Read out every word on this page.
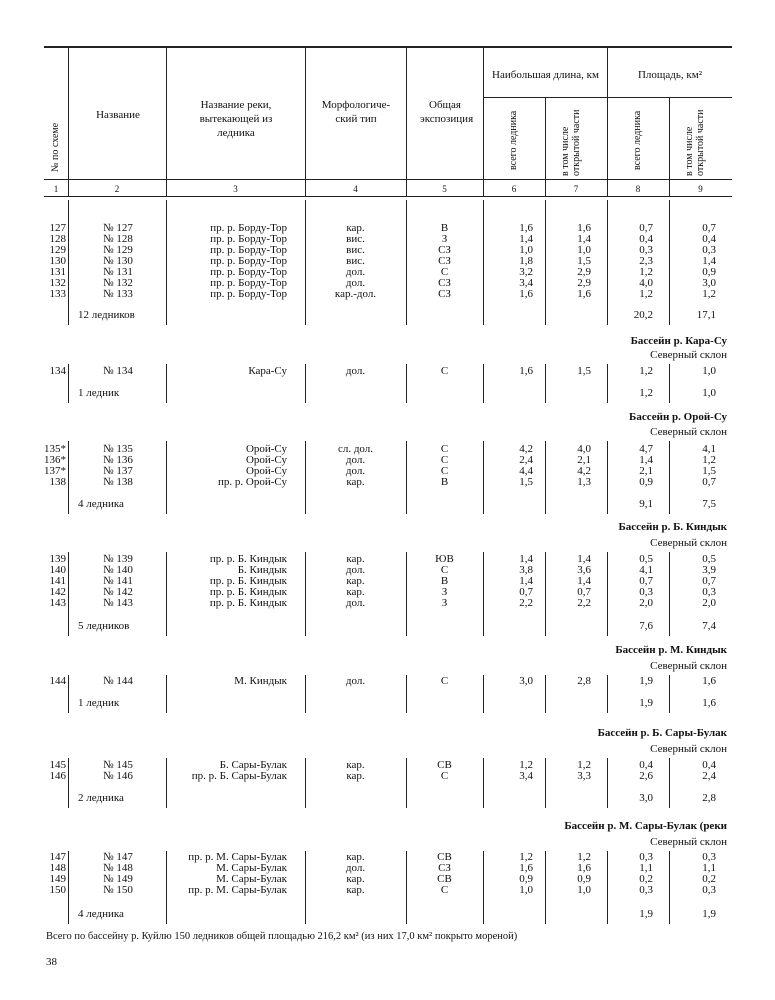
№ по схеме
Название
Название реки, вытекающей из ледника
Морфологиче-ский тип
Общая экспозиция
Наибольшая длина, км	Площадь, км²
всего ледника	в том числе открытой части	всего ледника	в том числе открытой части
1	2	3	4	5	6	7	8	9
127	№ 127	пр. р. Борду-Тор	кар.	В	1,6	1,6	0,7	0,7
128	№ 128	пр. р. Борду-Тор	вис.	З	1,4	1,4	0,4	0,4
129	№ 129	пр. р. Борду-Тор	вис.	СЗ	1,0	1,0	0,3	0,3
130	№ 130	пр. р. Борду-Тор	вис.	СЗ	1,8	1,5	2,3	1,4
131	№ 131	пр. р. Борду-Тор	дол.	С	3,2	2,9	1,2	0,9
132	№ 132	пр. р. Борду-Тор	дол.	СЗ	3,4	2,9	4,0	3,0
133	№ 133	пр. р. Борду-Тор	кар.-дол.	СЗ	1,6	1,6	1,2	1,2
12 ледников	20,2	17,1
Бассейн р. Кара-Су
Северный склон
134	№ 134	Кара-Су	дол.	С	1,6	1,5	1,2	1,0
1 ледник	1,2	1,0
Бассейн р. Орой-Су
Северный склон
135*	№ 135	Орой-Су	сл. дол.	С	4,2	4,0	4,7	4,1
136*	№ 136	Орой-Су	дол.	С	2,4	2,1	1,4	1,2
137*	№ 137	Орой-Су	дол.	С	4,4	4,2	2,1	1,5
138	№ 138	пр. р. Орой-Су	кар.	В	1,5	1,3	0,9	0,7
4 ледника	9,1	7,5
Бассейн р. Б. Киндык
Северный склон
139	№ 139	пр. р. Б. Киндык	кар.	ЮВ	1,4	1,4	0,5	0,5
140	№ 140	Б. Киндык	дол.	С	3,8	3,6	4,1	3,9
141	№ 141	пр. р. Б. Киндык	кар.	В	1,4	1,4	0,7	0,7
142	№ 142	пр. р. Б. Киндык	кар.	З	0,7	0,7	0,3	0,3
143	№ 143	пр. р. Б. Киндык	дол.	З	2,2	2,2	2,0	2,0
5 ледников	7,6	7,4
Бассейн р. М. Киндык
Северный склон
144	№ 144	М. Киндык	дол.	С	3,0	2,8	1,9	1,6
1 ледник	1,9	1,6
Бассейн р. Б. Сары-Булак
Северный склон
145	№ 145	Б. Сары-Булак	кар.	СВ	1,2	1,2	0,4	0,4
146	№ 146	пр. р. Б. Сары-Булак	кар.	С	3,4	3,3	2,6	2,4
2 ледника	3,0	2,8
Бассейн р. М. Сары-Булак (реки
Северный склон
147	№ 147	пр. р. М. Сары-Булак	кар.	СВ	1,2	1,2	0,3	0,3
148	№ 148	М. Сары-Булак	дол.	СЗ	1,6	1,6	1,1	1,1
149	№ 149	М. Сары-Булак	кар.	СВ	0,9	0,9	0,2	0,2
150	№ 150	пр. р. М. Сары-Булак	кар.	С	1,0	1,0	0,3	0,3
4 ледника	1,9	1,9
Всего по бассейну р. Куйлю 150 ледников общей площадью 216,2 км² (из них 17,0 км² покрыто мореной)
38
